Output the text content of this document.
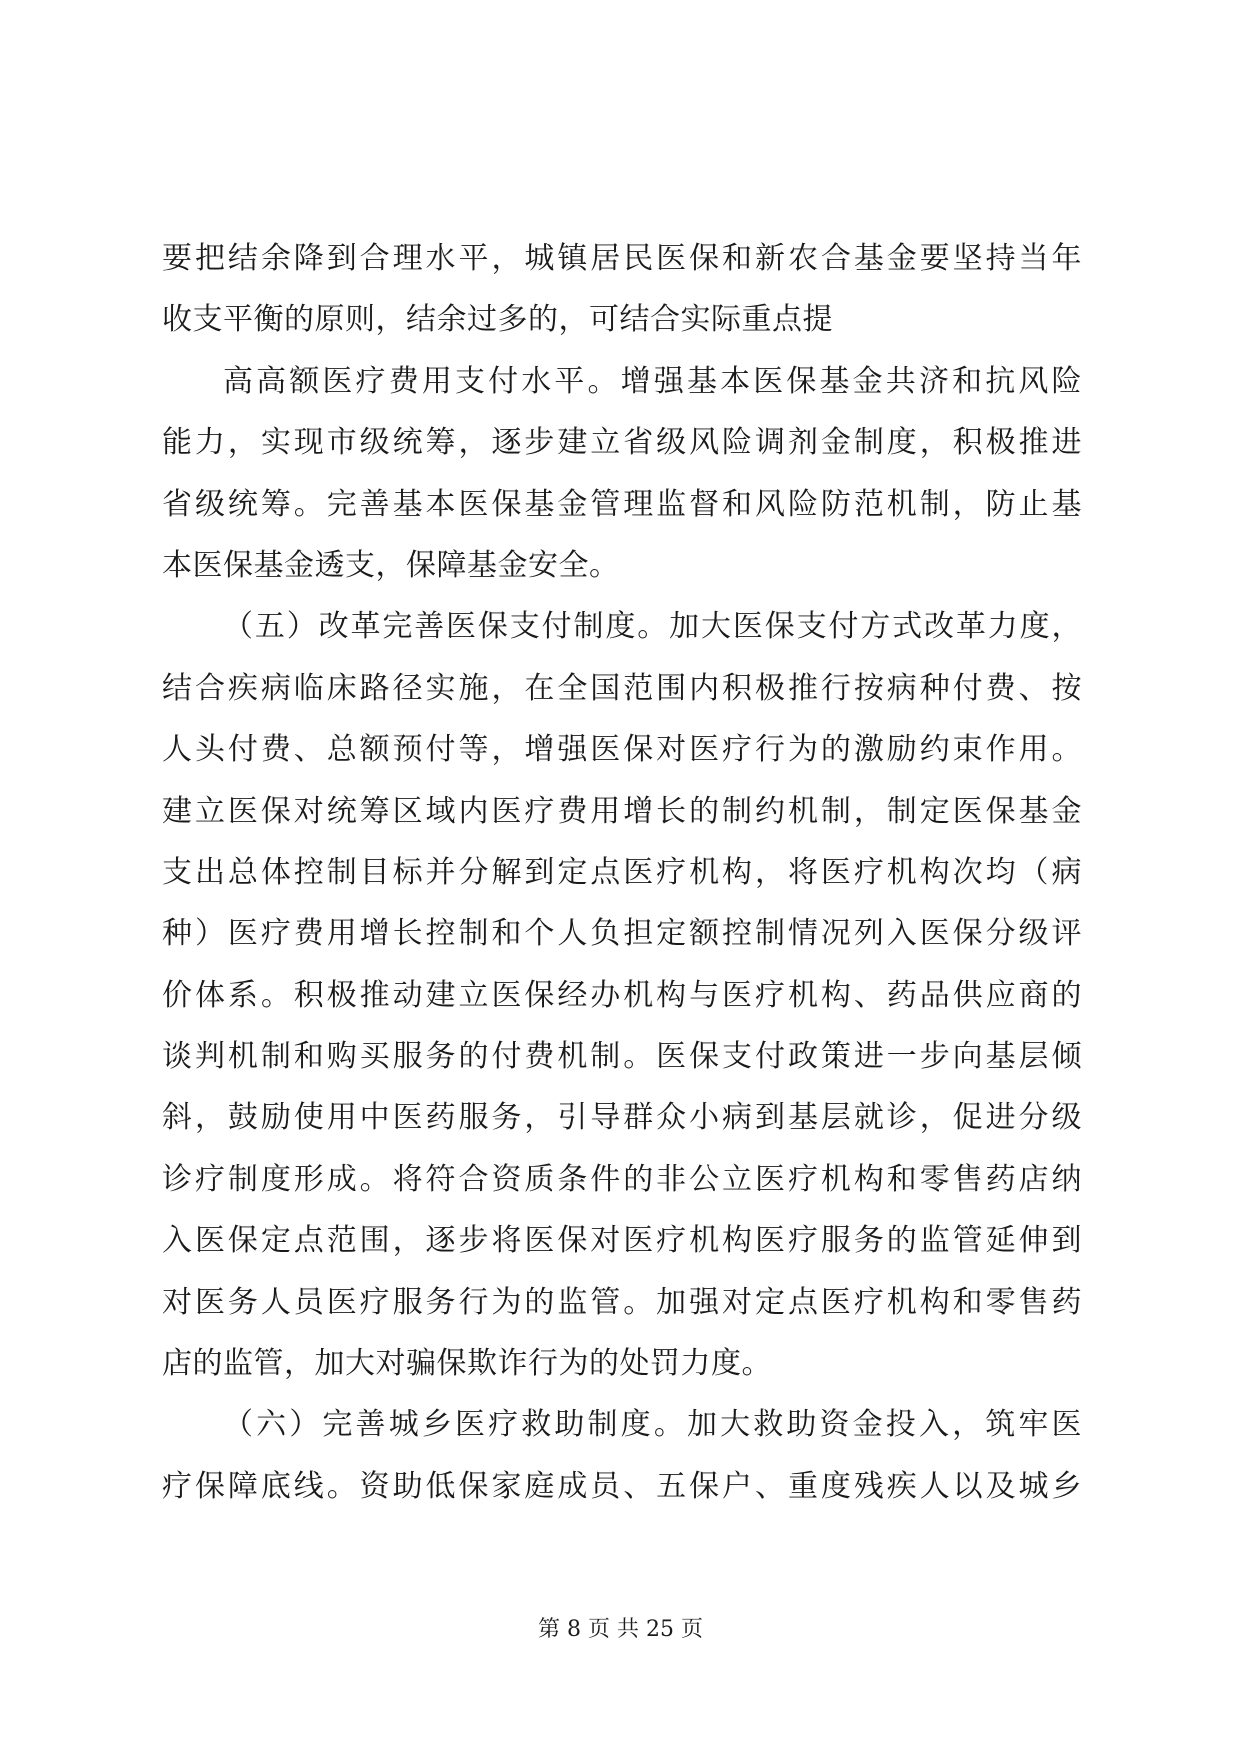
要把结余降到合理水平，城镇居民医保和新农合基金要坚持当年
收支平衡的原则，结余过多的，可结合实际重点提
高高额医疗费用支付水平。增强基本医保基金共济和抗风险
能力，实现市级统筹，逐步建立省级风险调剂金制度，积极推进
省级统筹。完善基本医保基金管理监督和风险防范机制，防止基
本医保基金透支，保障基金安全。
（五）改革完善医保支付制度。加大医保支付方式改革力度，
结合疾病临床路径实施，在全国范围内积极推行按病种付费、按
人头付费、总额预付等，增强医保对医疗行为的激励约束作用。
建立医保对统筹区域内医疗费用增长的制约机制，制定医保基金
支出总体控制目标并分解到定点医疗机构，将医疗机构次均（病
种）医疗费用增长控制和个人负担定额控制情况列入医保分级评
价体系。积极推动建立医保经办机构与医疗机构、药品供应商的
谈判机制和购买服务的付费机制。医保支付政策进一步向基层倾
斜，鼓励使用中医药服务，引导群众小病到基层就诊，促进分级
诊疗制度形成。将符合资质条件的非公立医疗机构和零售药店纳
入医保定点范围，逐步将医保对医疗机构医疗服务的监管延伸到
对医务人员医疗服务行为的监管。加强对定点医疗机构和零售药
店的监管，加大对骗保欺诈行为的处罚力度。
（六）完善城乡医疗救助制度。加大救助资金投入，筑牢医
疗保障底线。资助低保家庭成员、五保户、重度残疾人以及城乡
第 8 页 共 25 页
